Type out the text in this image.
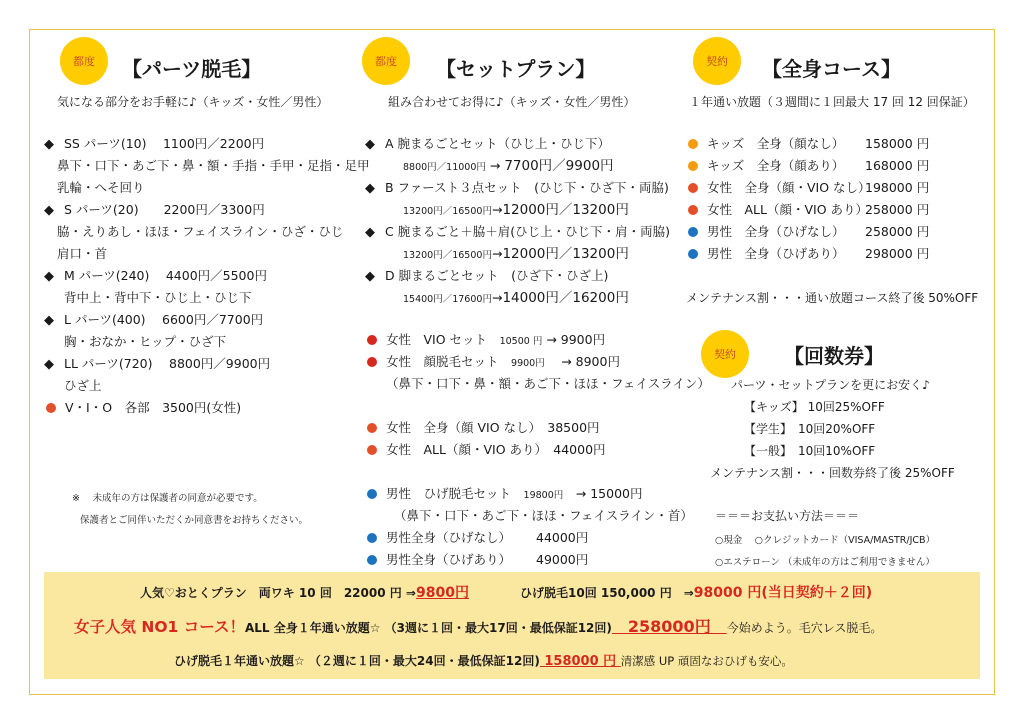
都度 【パーツ脱毛】
気になる部分をお手軽に♪（キッズ・女性／男性）
◆ SS パーツ(10)　 1100円／2200円
鼻下・口下・あご下・鼻・額・手指・手甲・足指・足甲
乳輪・へそ回り
◆ S パーツ(20)　　2200円／3300円
脇・えりあし・ほほ・フェイスライン・ひざ・ひじ
肩口・首
◆ M パーツ(240)　 4400円／5500円
背中上・背中下・ひじ上・ひじ下
◆ L パーツ(400)　 6600円／7700円
胸・おなか・ヒップ・ひざ下
◆ LL パーツ(720)　 8800円／9900円
ひざ上
V・I・O　各部　3500円(女性)
※　 未成年の方は保護者の同意が必要です。
保護者とご同伴いただくか同意書をお持ちください。
都度 【セットプラン】
組み合わせてお得に♪（キッズ・女性／男性）
◆ A 腕まるごとセット（ひじ上・ひじ下）
8800円／11000円 → 7700円／9900円
◆ B ファースト３点セット　(ひじ下・ひざ下・両脇)
13200円／16500円→12000円／13200円
◆ C 腕まるごと＋脇＋肩(ひじ上・ひじ下・肩・両脇)
13200円／16500円→12000円／13200円
◆ D 脚まるごとセット　(ひざ下・ひざ上)
15400円／17600円→14000円／16200円
女性　VIO セット　 10500 円 → 9900円
女性　顔脱毛セット　 9900円　 → 8900円
（鼻下・口下・鼻・額・あご下・ほほ・フェイスライン）
女性　全身（顔 VIO なし）　38500円
女性　ALL（顔・VIO あり）　44000円
男性　ひげ脱毛セット　 19800円　 → 15000円
（鼻下・口下・あご下・ほほ・フェイスライン・首）
男性全身（ひげなし） 44000円
男性全身（ひげあり） 49000円
契約 【全身コース】
１年通い放題（３週間に１回最大 17 回 12 回保証）
キッズ　全身（顔なし） 158000 円
キッズ　全身（顔あり） 168000 円
女性　全身（顔・VIO なし）198000 円
女性　ALL（顔・VIO あり）258000 円
男性　全身（ひげなし） 258000 円
男性　全身（ひげあり） 298000 円
メンテナンス割・・・通い放題コース終了後 50%OFF
契約 【回数券】
パーツ・セットプランを更にお安く♪
【キッズ】 10回25%OFF
【学生】　10回20%OFF
【一般】　10回10%OFF
メンテナンス割・・・回数券終了後 25%OFF
＝＝＝お支払い方法＝＝＝
○現金　 ○クレジットカード（VISA/MASTR/JCB）
○エステローン （未成年の方はご利用できません）
人気♡おとくプラン　両ワキ 10 回　22000 円 ⇒9800円	ひげ脱毛10回 150,000 円　⇒98000 円(当日契約＋２回)
女子人気 NO1 コース！ALL 全身１年通い放題☆ （3週に１回・最大17回・最低保証12回)　258000円　今始めよう。毛穴レス脱毛。
ひげ脱毛１年通い放題☆ （２週に１回・最大24回・最低保証12回) 158000 円 清潔感 UP 頑固なおひげも安心。
